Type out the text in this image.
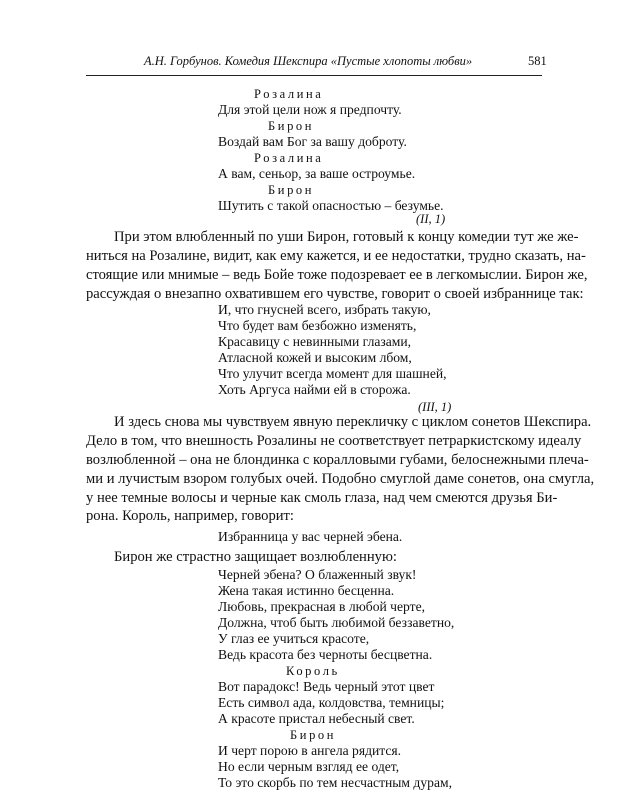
А.Н. Горбунов. Комедия Шекспира «Пустые хлопоты любви»	581
Розалина
Для этой цели нож я предпочту.
Бирон
Воздай вам Бог за вашу доброту.
Розалина
А вам, сеньор, за ваше остроумье.
Бирон
Шутить с такой опасностью – безумье.
(II, 1)
При этом влюбленный по уши Бирон, готовый к концу комедии тут же же-
ниться на Розалине, видит, как ему кажется, и ее недостатки, трудно сказать, на-
стоящие или мнимые – ведь Бойе тоже подозревает ее в легкомыслии. Бирон же,
рассуждая о внезапно охватившем его чувстве, говорит о своей избраннице так:
И, что гнусней всего, избрать такую,
Что будет вам безбожно изменять,
Красавицу с невинными глазами,
Атласной кожей и высоким лбом,
Что улучит всегда момент для шашней,
Хоть Аргуса найми ей в сторожа.
(III, 1)
И здесь снова мы чувствуем явную перекличку с циклом сонетов Шекспира.
Дело в том, что внешность Розалины не соответствует петраркистскому идеалу
возлюбленной – она не блондинка с коралловыми губами, белоснежными плеча-
ми и лучистым взором голубых очей. Подобно смуглой даме сонетов, она смугла,
у нее темные волосы и черные как смоль глаза, над чем смеются друзья Би-
рона. Король, например, говорит:
Избранница у вас черней эбена.
Бирон же страстно защищает возлюбленную:
Черней эбена? О блаженный звук!
Жена такая истинно бесценна.
Любовь, прекрасная в любой черте,
Должна, чтоб быть любимой беззаветно,
У глаз ее учиться красоте,
Ведь красота без черноты бесцветна.
Король
Вот парадокс! Ведь черный этот цвет
Есть символ ада, колдовства, темницы;
А красоте пристал небесный свет.
Бирон
И черт порою в ангела рядится.
Но если черным взгляд ее одет,
То это скорбь по тем несчастным дурам,
